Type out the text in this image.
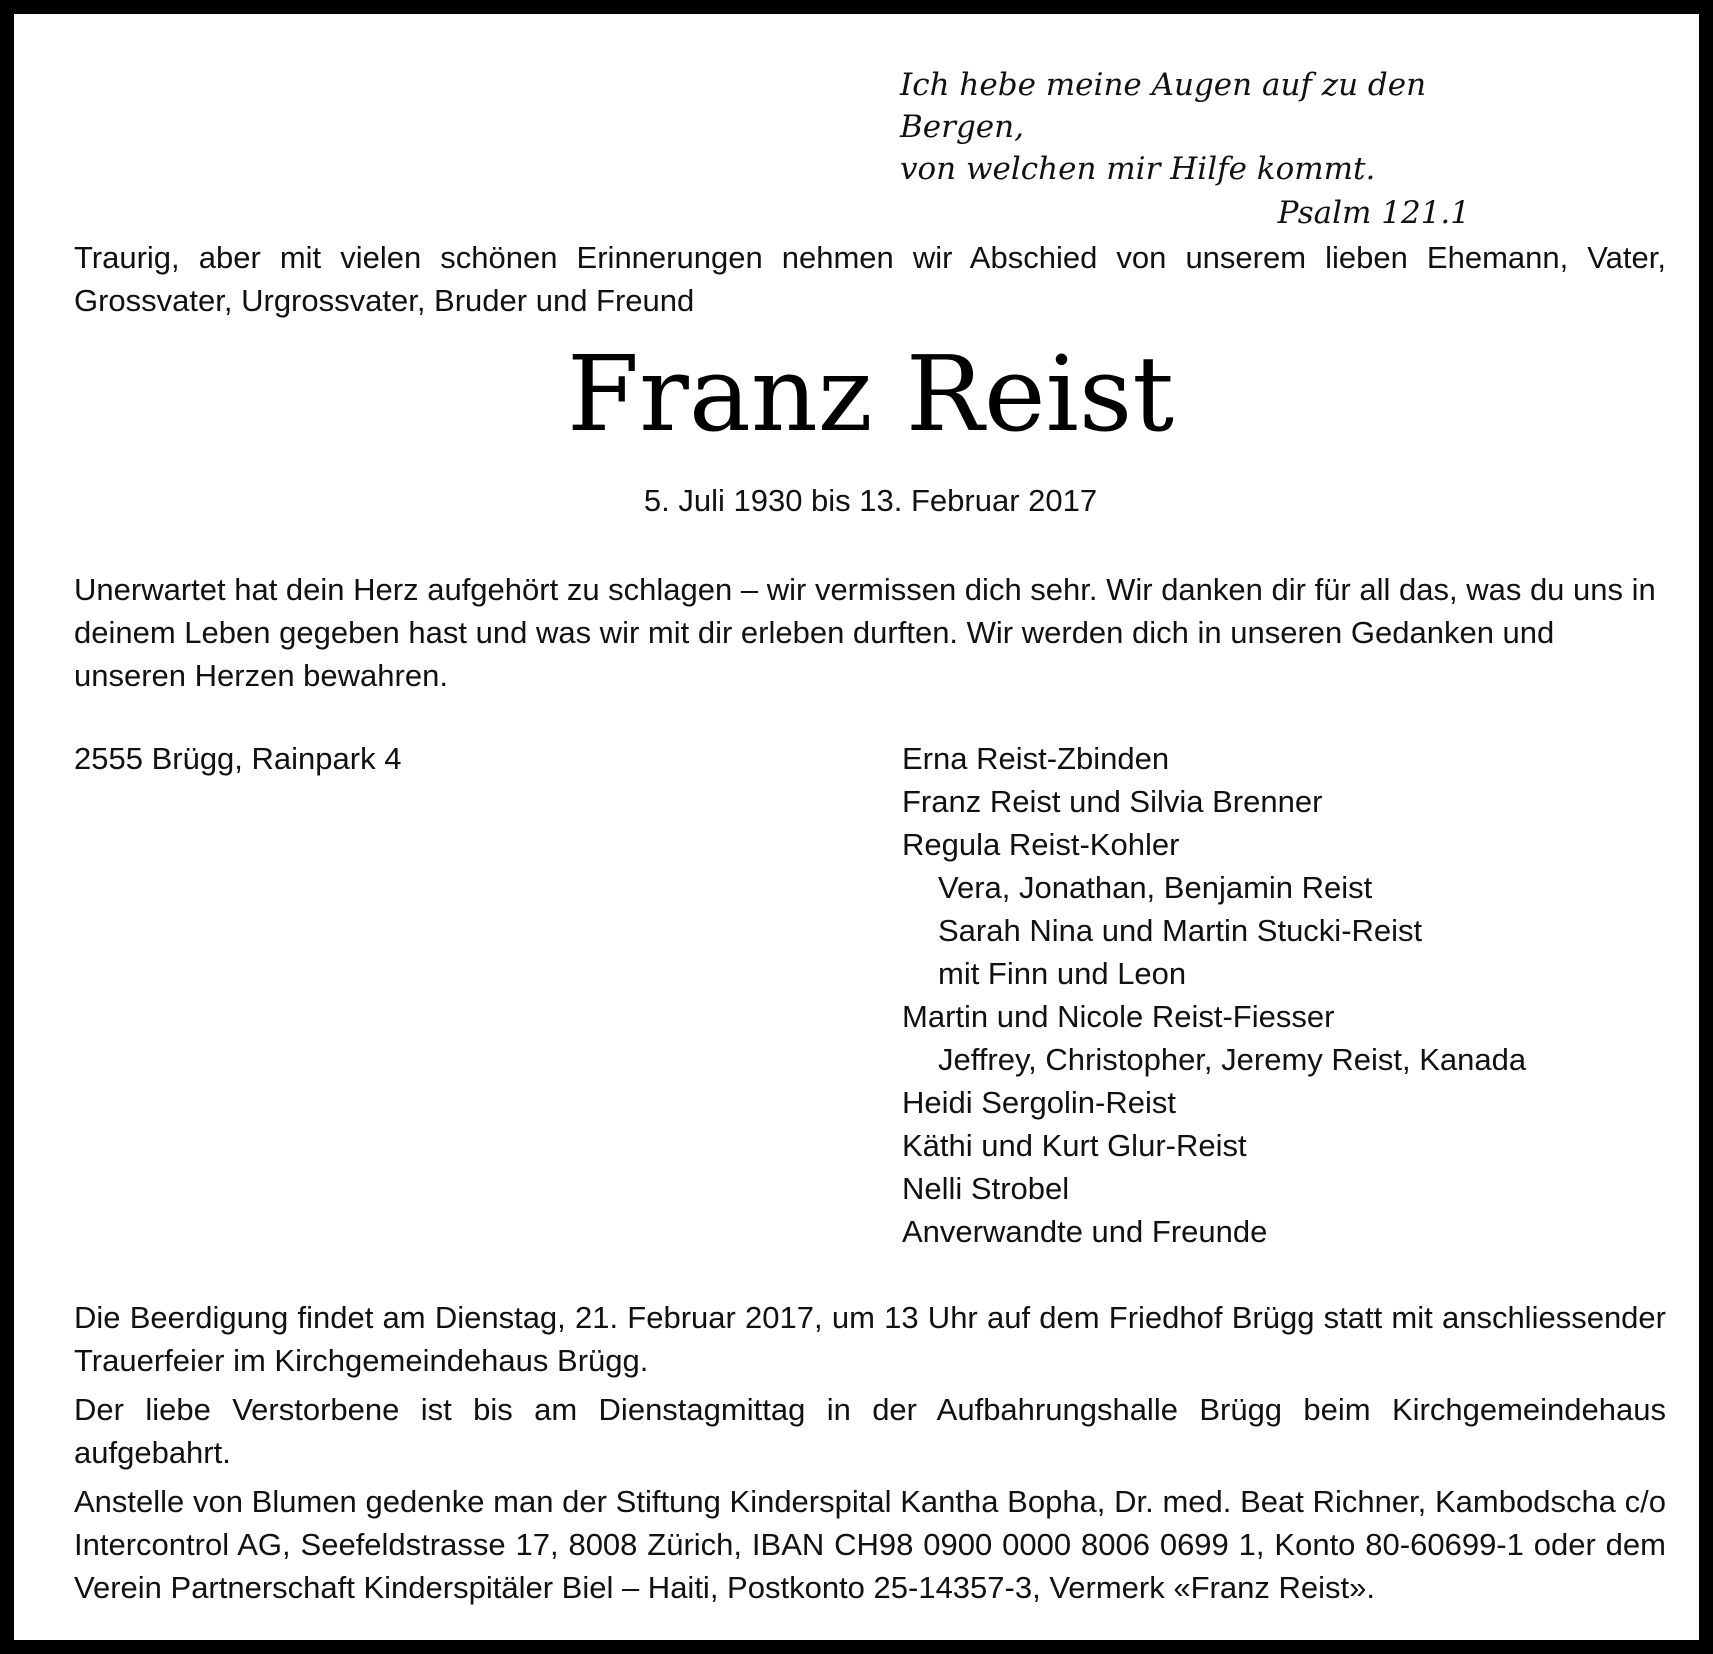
Ich hebe meine Augen auf zu den Bergen,
von welchen mir Hilfe kommt.
Psalm 121.1
Traurig, aber mit vielen schönen Erinnerungen nehmen wir Abschied von unserem lieben Ehemann, Vater, Grossvater, Urgrossvater, Bruder und Freund
Franz Reist
5. Juli 1930 bis 13. Februar 2017
Unerwartet hat dein Herz aufgehört zu schlagen – wir vermissen dich sehr. Wir danken dir für all das, was du uns in deinem Leben gegeben hast und was wir mit dir erleben durften. Wir werden dich in unseren Gedanken und unseren Herzen bewahren.
2555 Brügg, Rainpark 4	Erna Reist-Zbinden
Franz Reist und Silvia Brenner
Regula Reist-Kohler
Vera, Jonathan, Benjamin Reist
Sarah Nina und Martin Stucki-Reist
mit Finn und Leon
Martin und Nicole Reist-Fiesser
Jeffrey, Christopher, Jeremy Reist, Kanada
Heidi Sergolin-Reist
Käthi und Kurt Glur-Reist
Nelli Strobel
Anverwandte und Freunde

Die Beerdigung findet am Dienstag, 21. Februar 2017, um 13 Uhr auf dem Friedhof Brügg statt mit anschliessender Trauerfeier im Kirchgemeindehaus Brügg.

Der liebe Verstorbene ist bis am Dienstagmittag in der Aufbahrungshalle Brügg beim Kirchgemeindehaus aufgebahrt.

Anstelle von Blumen gedenke man der Stiftung Kinderspital Kantha Bopha, Dr. med. Beat Richner, Kambodscha c/o Intercontrol AG, Seefeldstrasse 17, 8008 Zürich, IBAN CH98 0900 0000 8006 0699 1, Konto 80-60699-1 oder dem Verein Partnerschaft Kinderspitäler Biel – Haiti, Postkonto 25-14357-3, Vermerk «Franz Reist».
